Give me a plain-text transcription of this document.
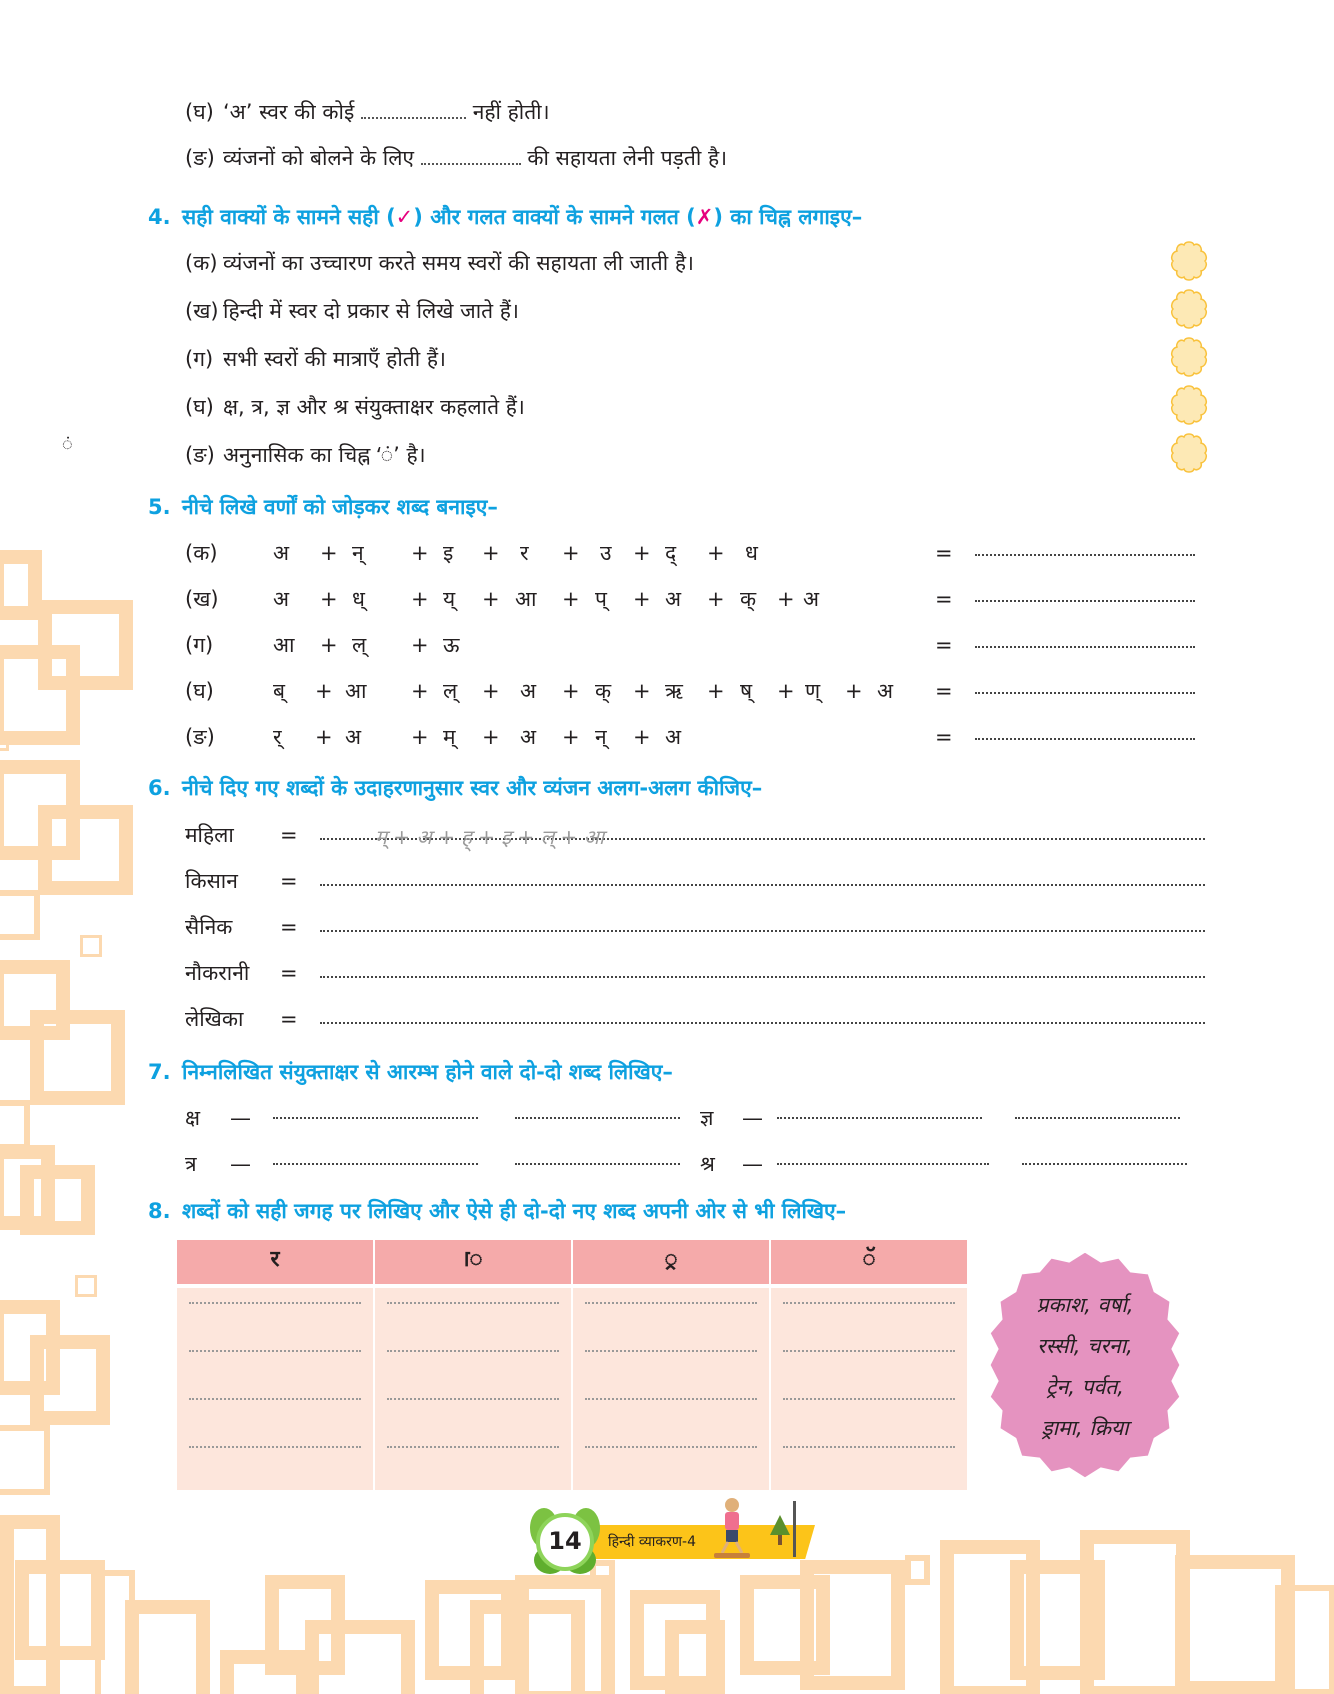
(घ) ‘अ’ स्वर की कोई	नहीं होती।
(ङ) व्यंजनों को बोलने के लिए	की सहायता लेनी पड़ती है।
4. सही वाक्यों के सामने सही (✓) और गलत वाक्यों के सामने गलत (✗) का चिह्न लगाइए–
(क) व्यंजनों का उच्चारण करते समय स्वरों की सहायता ली जाती है।
(ख) हिन्दी में स्वर दो प्रकार से लिखे जाते हैं।
(ग) सभी स्वरों की मात्राएँ होती हैं।
(घ) क्ष, त्र, ज्ञ और श्र संयुक्ताक्षर कहलाते हैं।
(ङ) अनुनासिक का चिह्न ‘ं’ है।
ं
5. नीचे लिखे वर्णों को जोड़कर शब्द बनाइए–
(क)	अ + न् + इ + र + उ + द् + ध	=
(ख)	अ + ध् + य् + आ + प् + अ + क् + अ	=
(ग)	आ + ल् + ऊ	=
(घ)	ब् + आ + ल् + अ + क् + ऋ + ष् + ण् + अ =
(ङ)	र् + अ + म् + अ + न् + अ	=
6. नीचे दिए गए शब्दों के उदाहरणानुसार स्वर और व्यंजन अलग-अलग कीजिए–
महिला =	म् + अ + ह् + इ + ल् + आ
किसान =
सैनिक =
नौकरानी =
लेखिका =
7. निम्नलिखित संयुक्ताक्षर से आरम्भ होने वाले दो-दो शब्द लिखिए–
क्ष —	ज्ञ —
त्र —	श्र —
8. शब्दों को सही जगह पर लिखिए और ऐसे ही दो-दो नए शब्द अपनी ओर से भी लिखिए–
र	ॎ	्र	ॅ
प्रकाश, वर्षा,
रस्सी, चरना,
ट्रेन, पर्वत,
ड्रामा, क्रिया
14	हिन्दी व्याकरण-4
